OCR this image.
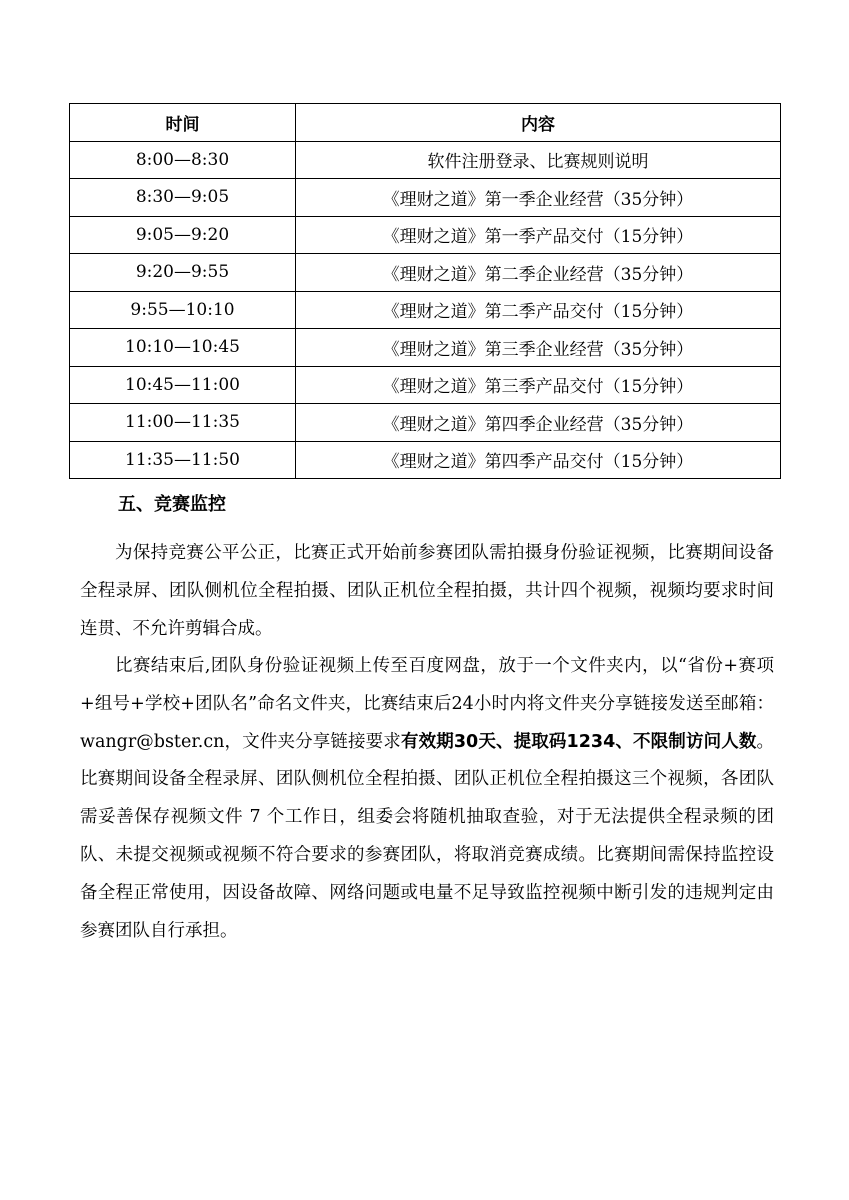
时间	内容
8:00—8:30	软件注册登录、比赛规则说明
8:30—9:05	《理财之道》第一季企业经营（35分钟）
9:05—9:20	《理财之道》第一季产品交付（15分钟）
9:20—9:55	《理财之道》第二季企业经营（35分钟）
9:55—10:10	《理财之道》第二季产品交付（15分钟）
10:10—10:45	《理财之道》第三季企业经营（35分钟）
10:45—11:00	《理财之道》第三季产品交付（15分钟）
11:00—11:35	《理财之道》第四季企业经营（35分钟）
11:35—11:50	《理财之道》第四季产品交付（15分钟）
五、竞赛监控

为保持竞赛公平公正，比赛正式开始前参赛团队需拍摄身份验证视频，比赛期间设备全程录屏、团队侧机位全程拍摄、团队正机位全程拍摄，共计四个视频，视频均要求时间连贯、不允许剪辑合成。

比赛结束后,团队身份验证视频上传至百度网盘，放于一个文件夹内，以“省份+赛项+组号+学校+团队名”命名文件夹，比赛结束后24小时内将文件夹分享链接发送至邮箱：wangr@bster.cn，文件夹分享链接要求有效期30天、提取码1234、不限制访问人数。比赛期间设备全程录屏、团队侧机位全程拍摄、团队正机位全程拍摄这三个视频，各团队需妥善保存视频文件 7 个工作日，组委会将随机抽取查验，对于无法提供全程录频的团队、未提交视频或视频不符合要求的参赛团队，将取消竞赛成绩。比赛期间需保持监控设备全程正常使用，因设备故障、网络问题或电量不足导致监控视频中断引发的违规判定由参赛团队自行承担。
